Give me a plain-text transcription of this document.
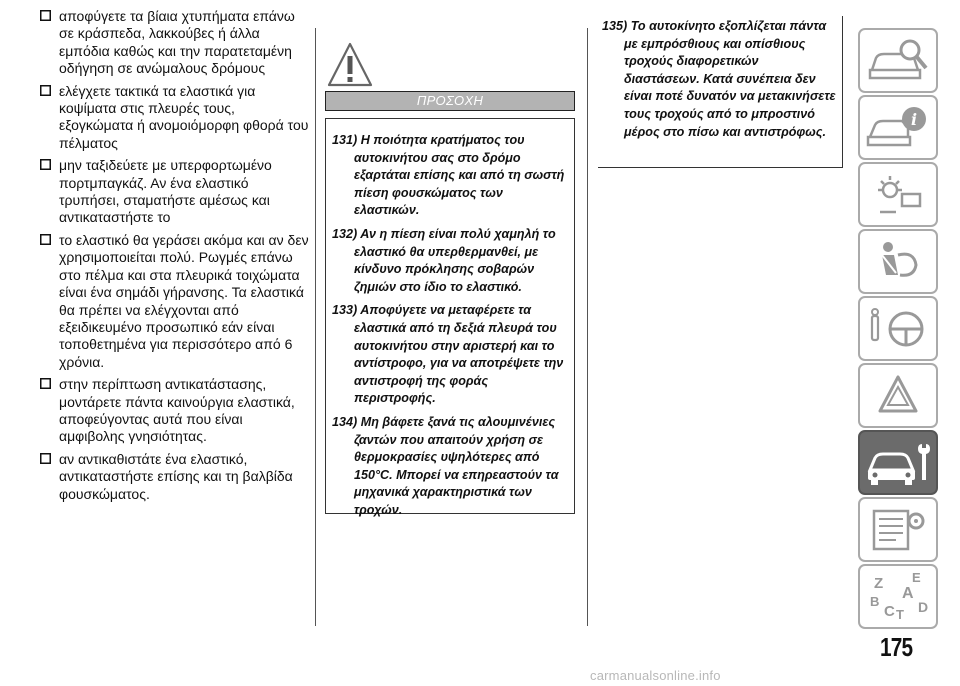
αποφύγετε τα βίαια χτυπήματα επάνω σε κράσπεδα, λακκούβες ή άλλα εμπόδια καθώς και την παρατεταμένη οδήγηση σε ανώμαλους δρόμους
ελέγχετε τακτικά τα ελαστικά για κοψίματα στις πλευρές τους, εξογκώματα ή ανομοιόμορφη φθορά του πέλματος
μην ταξιδεύετε με υπερφορτωμένο πορτμπαγκάζ. Αν ένα ελαστικό τρυπήσει, σταματήστε αμέσως και αντικαταστήστε το
το ελαστικό θα γεράσει ακόμα και αν δεν χρησιμοποιείται πολύ. Ρωγμές επάνω στο πέλμα και στα πλευρικά τοιχώματα είναι ένα σημάδι γήρανσης. Τα ελαστικά θα πρέπει να ελέγχονται από εξειδικευμένο προσωπικό εάν είναι τοποθετημένα για περισσότερο από 6 χρόνια.
στην περίπτωση αντικατάστασης, μοντάρετε πάντα καινούργια ελαστικά, αποφεύγοντας αυτά που είναι αμφιβολης γνησιότητας.
αν αντικαθιστάτε ένα ελαστικό, αντικαταστήστε επίσης και τη βαλβίδα φουσκώματος.
ΠΡΟΣΟΧΗ
131) Η ποιότητα κρατήματος του αυτοκινήτου σας στο δρόμο εξαρτάται επίσης και από τη σωστή πίεση φουσκώματος των ελαστικών.
132) Αν η πίεση είναι πολύ χαμηλή το ελαστικό θα υπερθερμανθεί, με κίνδυνο πρόκλησης σοβαρών ζημιών στο ίδιο το ελαστικό.
133) Αποφύγετε να μεταφέρετε τα ελαστικά από τη δεξιά πλευρά του αυτοκινήτου στην αριστερή και το αντίστροφο, για να αποτρέψετε την αντιστροφή της φοράς περιστροφής.
134) Μη βάφετε ξανά τις αλουμινένιες ζαντών που απαιτούν χρήση σε θερμοκρασίες υψηλότερες από 150°C. Μπορεί να επηρεαστούν τα μηχανικά χαρακτηριστικά των τροχών.
135) Το αυτοκίνητο εξοπλίζεται πάντα με εμπρόσθιους και οπίσθιους τροχούς διαφορετικών διαστάσεων. Κατά συνέπεια δεν είναι ποτέ δυνατόν να μετακινήσετε τους τροχούς από το μπροστινό μέρος στο πίσω και αντιστρόφως.
i
Z E
A
B
C T D
175
carmanualsonline.info
